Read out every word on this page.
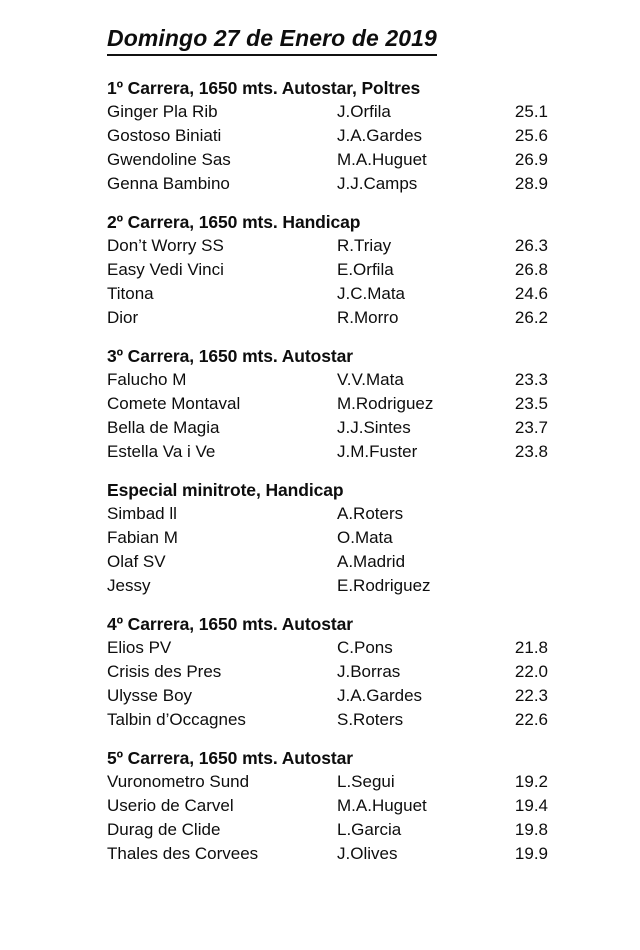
Domingo 27 de Enero de 2019
1º Carrera, 1650 mts. Autostar, Poltres
Ginger Pla Rib	J.Orfila	25.1
Gostoso Biniati	J.A.Gardes	25.6
Gwendoline Sas	M.A.Huguet	26.9
Genna Bambino	J.J.Camps	28.9
2º Carrera, 1650 mts. Handicap
Don’t Worry SS	R.Triay	26.3
Easy Vedi Vinci	E.Orfila	26.8
Titona	J.C.Mata	24.6
Dior	R.Morro	26.2
3º Carrera, 1650 mts. Autostar
Falucho M	V.V.Mata	23.3
Comete Montaval	M.Rodriguez	23.5
Bella de Magia	J.J.Sintes	23.7
Estella Va i Ve	J.M.Fuster	23.8
Especial minitrote, Handicap
Simbad ll	A.Roters
Fabian M	O.Mata
Olaf SV	A.Madrid
Jessy	E.Rodriguez
4º Carrera, 1650 mts. Autostar
Elios PV	C.Pons	21.8
Crisis des Pres	J.Borras	22.0
Ulysse Boy	J.A.Gardes	22.3
Talbin d’Occagnes	S.Roters	22.6
5º Carrera, 1650 mts. Autostar
Vuronometro Sund	L.Segui	19.2
Userio de Carvel	M.A.Huguet	19.4
Durag de Clide	L.Garcia	19.8
Thales des Corvees	J.Olives	19.9
